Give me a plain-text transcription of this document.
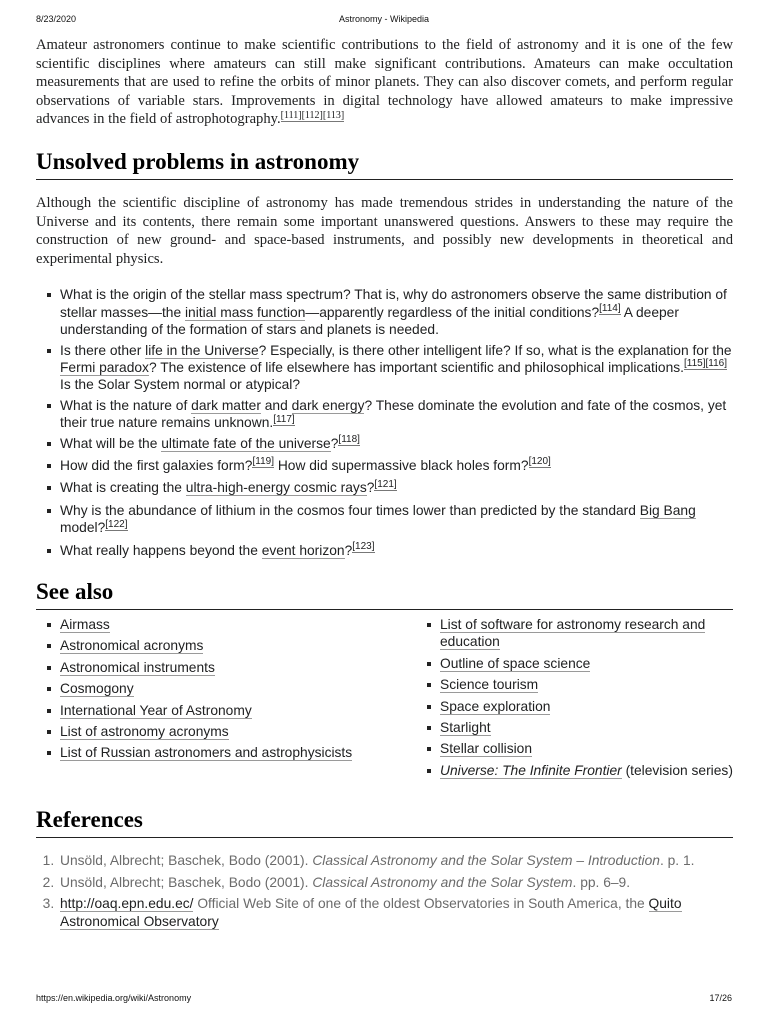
8/23/2020	Astronomy - Wikipedia

Amateur astronomers continue to make scientific contributions to the field of astronomy and it is one of the few scientific disciplines where amateurs can still make significant contributions. Amateurs can make occultation measurements that are used to refine the orbits of minor planets. They can also discover comets, and perform regular observations of variable stars. Improvements in digital technology have allowed amateurs to make impressive advances in the field of astrophotography.[111][112][113]

Unsolved problems in astronomy

Although the scientific discipline of astronomy has made tremendous strides in understanding the nature of the Universe and its contents, there remain some important unanswered questions. Answers to these may require the construction of new ground- and space-based instruments, and possibly new developments in theoretical and experimental physics.

What is the origin of the stellar mass spectrum? That is, why do astronomers observe the same distribution of stellar masses—the initial mass function—apparently regardless of the initial conditions?[114] A deeper understanding of the formation of stars and planets is needed.
Is there other life in the Universe? Especially, is there other intelligent life? If so, what is the explanation for the Fermi paradox? The existence of life elsewhere has important scientific and philosophical implications.[115][116] Is the Solar System normal or atypical?
What is the nature of dark matter and dark energy? These dominate the evolution and fate of the cosmos, yet their true nature remains unknown.[117]
What will be the ultimate fate of the universe?[118]
How did the first galaxies form?[119] How did supermassive black holes form?[120]
What is creating the ultra-high-energy cosmic rays?[121]
Why is the abundance of lithium in the cosmos four times lower than predicted by the standard Big Bang model?[122]
What really happens beyond the event horizon?[123]
See also
Airmass
Astronomical acronyms
Astronomical instruments
Cosmogony
International Year of Astronomy
List of astronomy acronyms
List of Russian astronomers and astrophysicists
List of software for astronomy research and education
Outline of space science
Science tourism
Space exploration
Starlight
Stellar collision
Universe: The Infinite Frontier (television series)
References
1. Unsöld, Albrecht; Baschek, Bodo (2001). Classical Astronomy and the Solar System – Introduction. p. 1.
2. Unsöld, Albrecht; Baschek, Bodo (2001). Classical Astronomy and the Solar System. pp. 6–9.
3. http://oaq.epn.edu.ec/ Official Web Site of one of the oldest Observatories in South America, the Quito Astronomical Observatory
https://en.wikipedia.org/wiki/Astronomy	17/26
